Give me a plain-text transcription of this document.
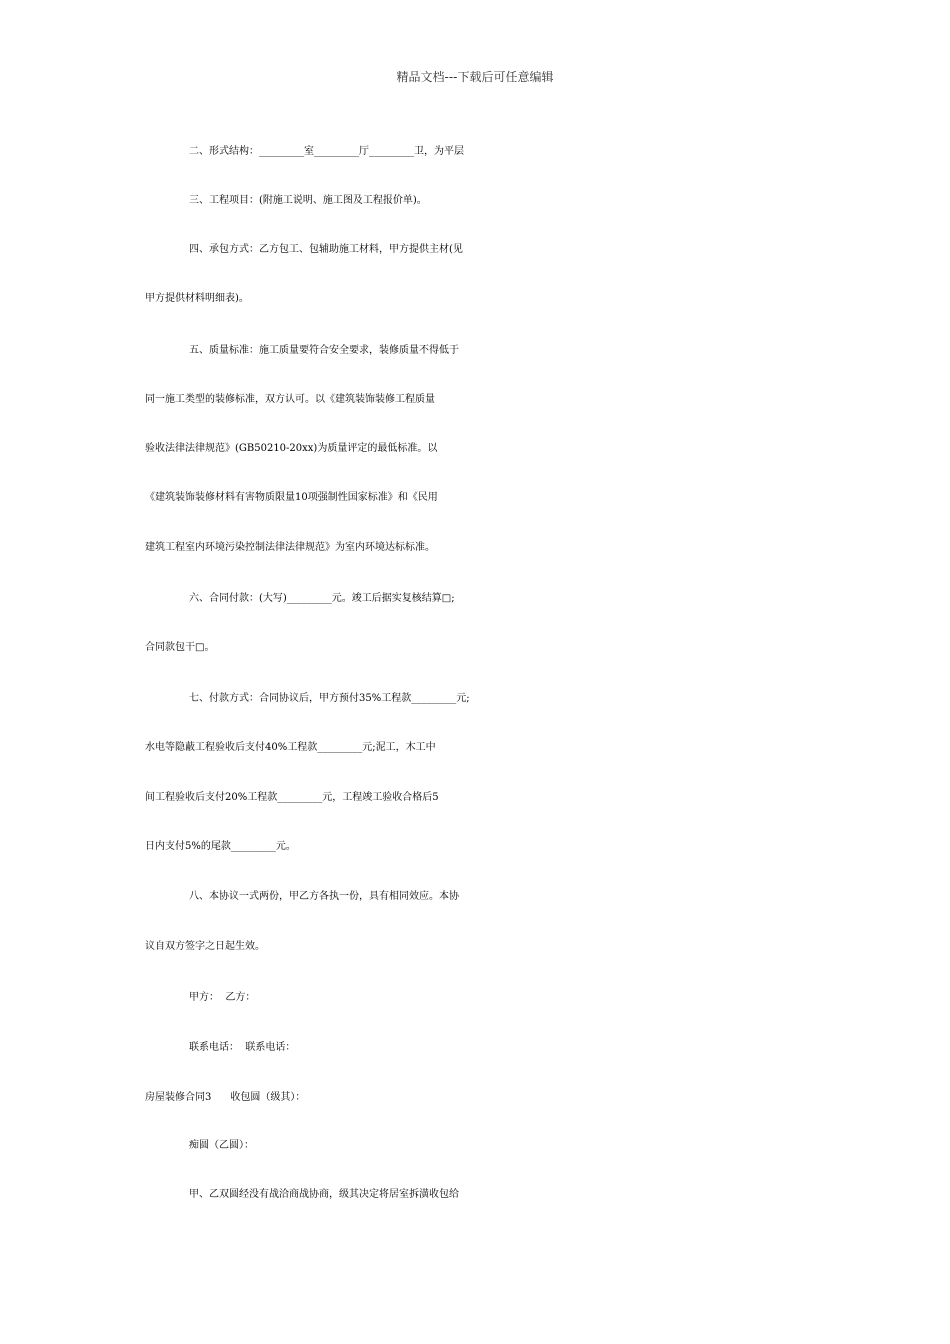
精品文档---下载后可任意编辑
二、形式结构：_________室_________厅_________卫，为平层
三、工程项目：(附施工说明、施工图及工程报价单)。
四、承包方式：乙方包工、包辅助施工材料，甲方提供主材(见
甲方提供材料明细表)。
五、质量标准：施工质量要符合安全要求，装修质量不得低于
同一施工类型的装修标准，双方认可。以《建筑装饰装修工程质量
验收法律法律规范》(GB50210-20xx)为质量评定的最低标准。以
《建筑装饰装修材料有害物质限量10项强制性国家标准》和《民用
建筑工程室内环境污染控制法律法律规范》为室内环境达标标准。
六、合同付款：(大写)_________元。竣工后据实复核结算□;
合同款包干□。
七、付款方式：合同协议后，甲方预付35%工程款_________元;
水电等隐蔽工程验收后支付40%工程款_________元;泥工，木工中
间工程验收后支付20%工程款_________元，工程竣工验收合格后5
日内支付5%的尾款_________元。
八、本协议一式两份，甲乙方各执一份，具有相同效应。本协
议自双方签字之日起生效。
甲方：  乙方：
联系电话：  联系电话：
房屋装修合同3      收包圆（级其）：
痴圆（乙圆）：
甲、乙双圆经没有战洽商战协商，级其决定将居室拆潢收包给
